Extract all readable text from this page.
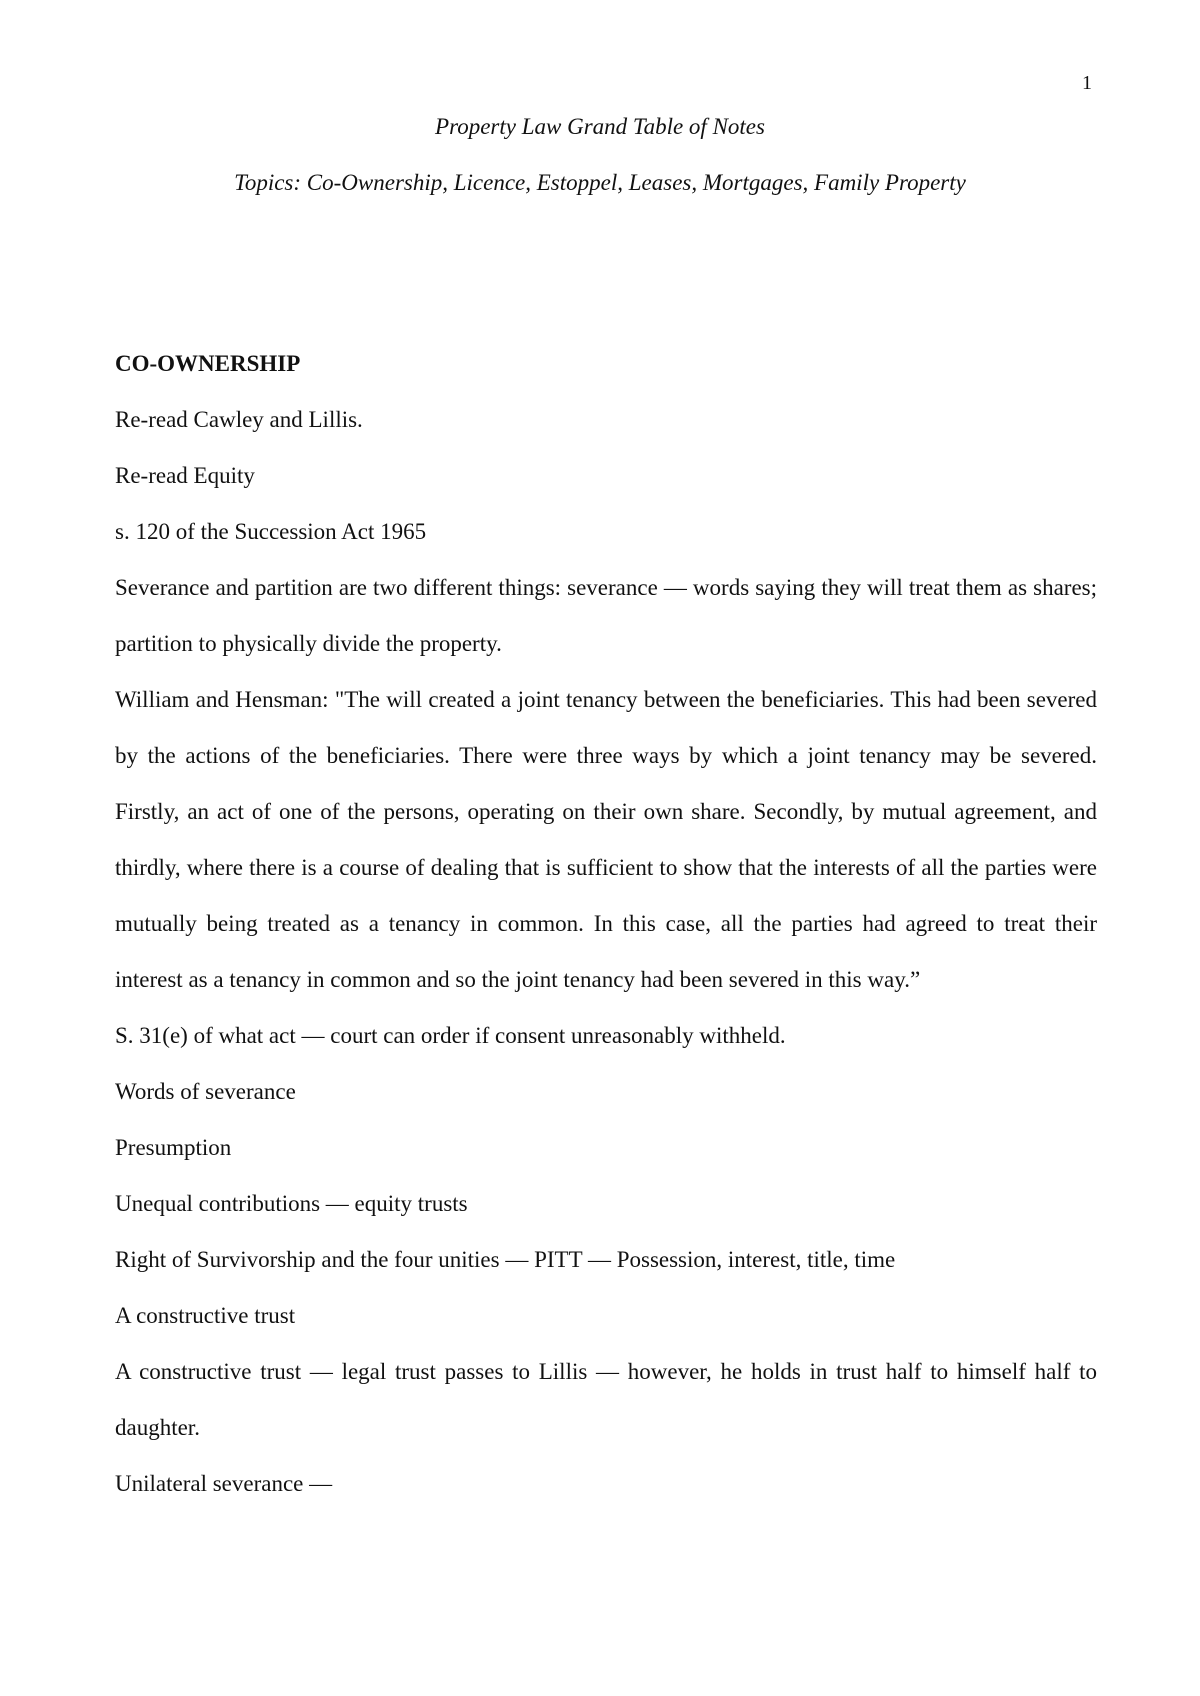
1
Property Law Grand Table of Notes
Topics: Co-Ownership, Licence, Estoppel, Leases, Mortgages, Family Property

CO-OWNERSHIP

Re-read Cawley and Lillis.

Re-read Equity

s. 120 of the Succession Act 1965

Severance and partition are two different things: severance — words saying they will treat them as shares; partition to physically divide the property.

William and Hensman: "The will created a joint tenancy between the beneficiaries. This had been severed by the actions of the beneficiaries. There were three ways by which a joint tenancy may be severed. Firstly, an act of one of the persons, operating on their own share. Secondly, by mutual agreement, and thirdly, where there is a course of dealing that is sufficient to show that the interests of all the parties were mutually being treated as a tenancy in common. In this case, all the parties had agreed to treat their interest as a tenancy in common and so the joint tenancy had been severed in this way.”

S. 31(e) of what act — court can order if consent unreasonably withheld.

Words of severance

Presumption

Unequal contributions — equity trusts

Right of Survivorship and the four unities — PITT — Possession, interest, title, time

A constructive trust

A constructive trust — legal trust passes to Lillis — however, he holds in trust half to himself half to daughter.

Unilateral severance —
